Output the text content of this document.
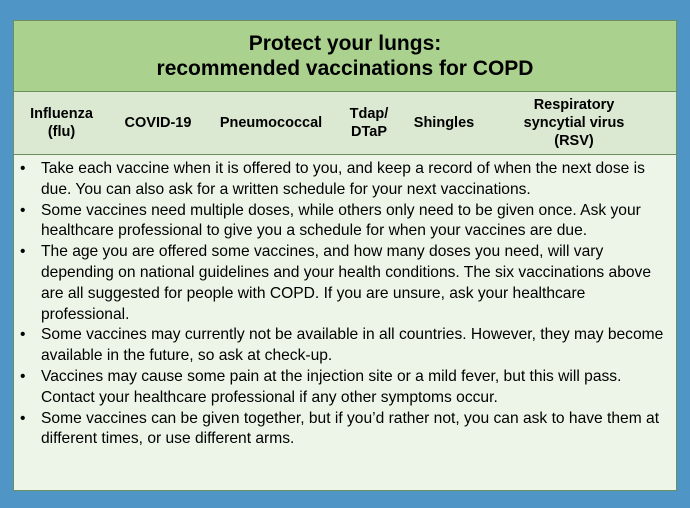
Protect your lungs:
recommended vaccinations for COPD
Influenza
(flu)
COVID-19	Pneumococcal
Tdap/
DTaP
Shingles
Respiratory
syncytial virus
(RSV)
• Take each vaccine when it is offered to you, and keep a record of when the next dose is due. You can also ask for a written schedule for your next vaccinations.
• Some vaccines need multiple doses, while others only need to be given once. Ask your healthcare professional to give you a schedule for when your vaccines are due.
• The age you are offered some vaccines, and how many doses you need, will vary depending on national guidelines and your health conditions. The six vaccinations above are all suggested for people with COPD. If you are unsure, ask your healthcare professional.
• Some vaccines may currently not be available in all countries. However, they may become available in the future, so ask at check-up.
• Vaccines may cause some pain at the injection site or a mild fever, but this will pass. Contact your healthcare professional if any other symptoms occur.
• Some vaccines can be given together, but if you’d rather not, you can ask to have them at different times, or use different arms.
